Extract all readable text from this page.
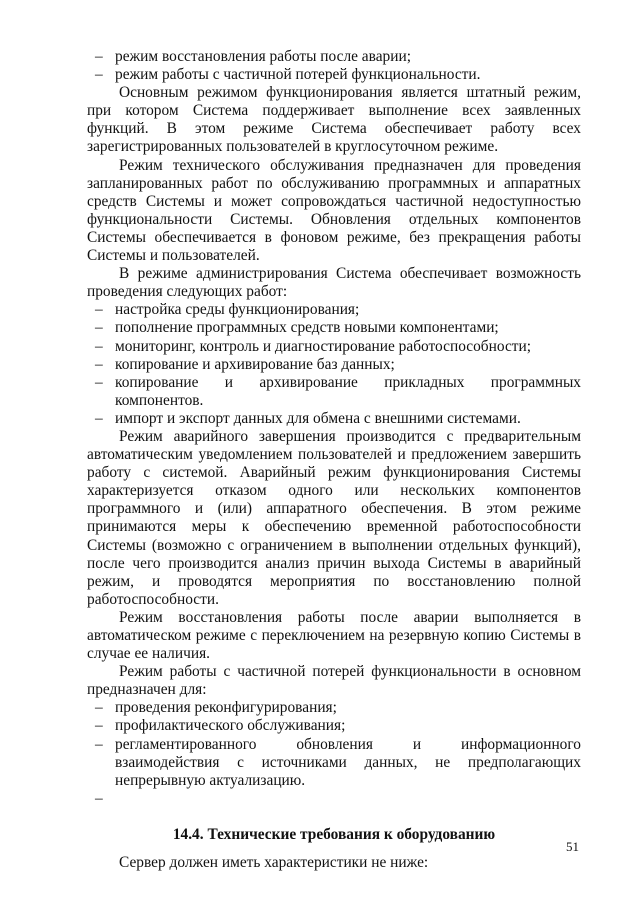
– режим восстановления работы после аварии;
– режим работы с частичной потерей функциональности.

Основным режимом функционирования является штатный режим, при котором Система поддерживает выполнение всех заявленных функций. В этом режиме Система обеспечивает работу всех зарегистрированных пользователей в круглосуточном режиме.

Режим технического обслуживания предназначен для проведения запланированных работ по обслуживанию программных и аппаратных средств Системы и может сопровождаться частичной недоступностью функциональности Системы. Обновления отдельных компонентов Системы обеспечивается в фоновом режиме, без прекращения работы Системы и пользователей.

В режиме администрирования Система обеспечивает возможность проведения следующих работ:

– настройка среды функционирования;
– пополнение программных средств новыми компонентами;
– мониторинг, контроль и диагностирование работоспособности;
– копирование и архивирование баз данных;
– копирование и архивирование прикладных программных компонентов.
– импорт и экспорт данных для обмена с внешними системами.

Режим аварийного завершения производится с предварительным автоматическим уведомлением пользователей и предложением завершить работу с системой. Аварийный режим функционирования Системы характеризуется отказом одного или нескольких компонентов программного и (или) аппаратного обеспечения. В этом режиме принимаются меры к обеспечению временной работоспособности Системы (возможно с ограничением в выполнении отдельных функций), после чего производится анализ причин выхода Системы в аварийный режим, и проводятся мероприятия по восстановлению полной работоспособности.

Режим восстановления работы после аварии выполняется в автоматическом режиме с переключением на резервную копию Системы в случае ее наличия.

Режим работы с частичной потерей функциональности в основном предназначен для:

– проведения реконфигурирования;
– профилактического обслуживания;
– регламентированного обновления и информационного взаимодействия с источниками данных, не предполагающих непрерывную актуализацию.
–

14.4. Технические требования к оборудованию

Сервер должен иметь характеристики не ниже:

51
